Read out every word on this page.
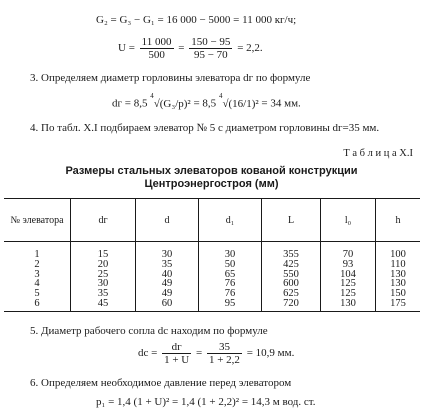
G₂ = G₃ − G₁ = 16 000 − 5000 = 11 000 кг/ч;
$U = \frac{11 000}{500} = \frac{150 - 95}{95 - 70} = 2,2$.
3. Определяем диаметр горловины элеватора dг по формуле
dг = 8,5 $^4$√(G₃/p)² = 8,5 $^4$√(16/1)² = 34 мм.
4. По табл. X.I подбираем элеватор № 5 с диаметром горловины dг=35 мм.
Т а б л и ц а X.I
Размеры стальных элеваторов кованой конструкции
Центроэнергостроя (мм)
№ элеватора	dг	d	d₁	L	l₀	h
1	15	30	30	355	70	100
2	20	35	50	425	93	110
3	25	40	65	550	104	130
4	30	49	76	600	125	130
5	35	49	76	625	125	150
6	45	60	95	720	130	175
5. Диаметр рабочего сопла dс находим по формуле
dс = $\frac{dг}{1 + U} = \frac{35}{1 + 2,2} = 10,9$ мм.
6. Определяем необходимое давление перед элеватором
p₁ = 1,4 (1 + U)² = 1,4 (1 + 2,2)² = 14,3 м вод. ст.
